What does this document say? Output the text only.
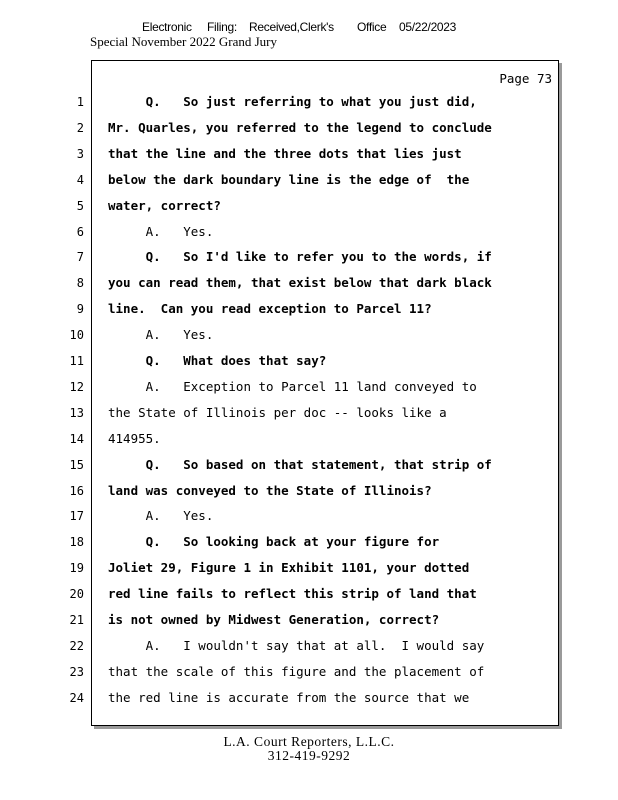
Electronic Filing: Received,Clerk's Office 05/22/2023
Special November 2022 Grand Jury
Page 73
1 Q.   So just referring to what you just did,
2 Mr. Quarles, you referred to the legend to conclude
3 that the line and the three dots that lies just
4 below the dark boundary line is the edge of  the
5 water, correct?
6 A.   Yes.
7 Q.   So I'd like to refer you to the words, if
8 you can read them, that exist below that dark black
9 line.  Can you read exception to Parcel 11?
10 A.   Yes.
11 Q.   What does that say?
12 A.   Exception to Parcel 11 land conveyed to
13 the State of Illinois per doc -- looks like a
14 414955.
15 Q.   So based on that statement, that strip of
16 land was conveyed to the State of Illinois?
17 A.   Yes.
18 Q.   So looking back at your figure for
19 Joliet 29, Figure 1 in Exhibit 1101, your dotted
20 red line fails to reflect this strip of land that
21 is not owned by Midwest Generation, correct?
22 A.   I wouldn't say that at all.  I would say
23 that the scale of this figure and the placement of
24 the red line is accurate from the source that we
L.A. Court Reporters, L.L.C.
312-419-9292
